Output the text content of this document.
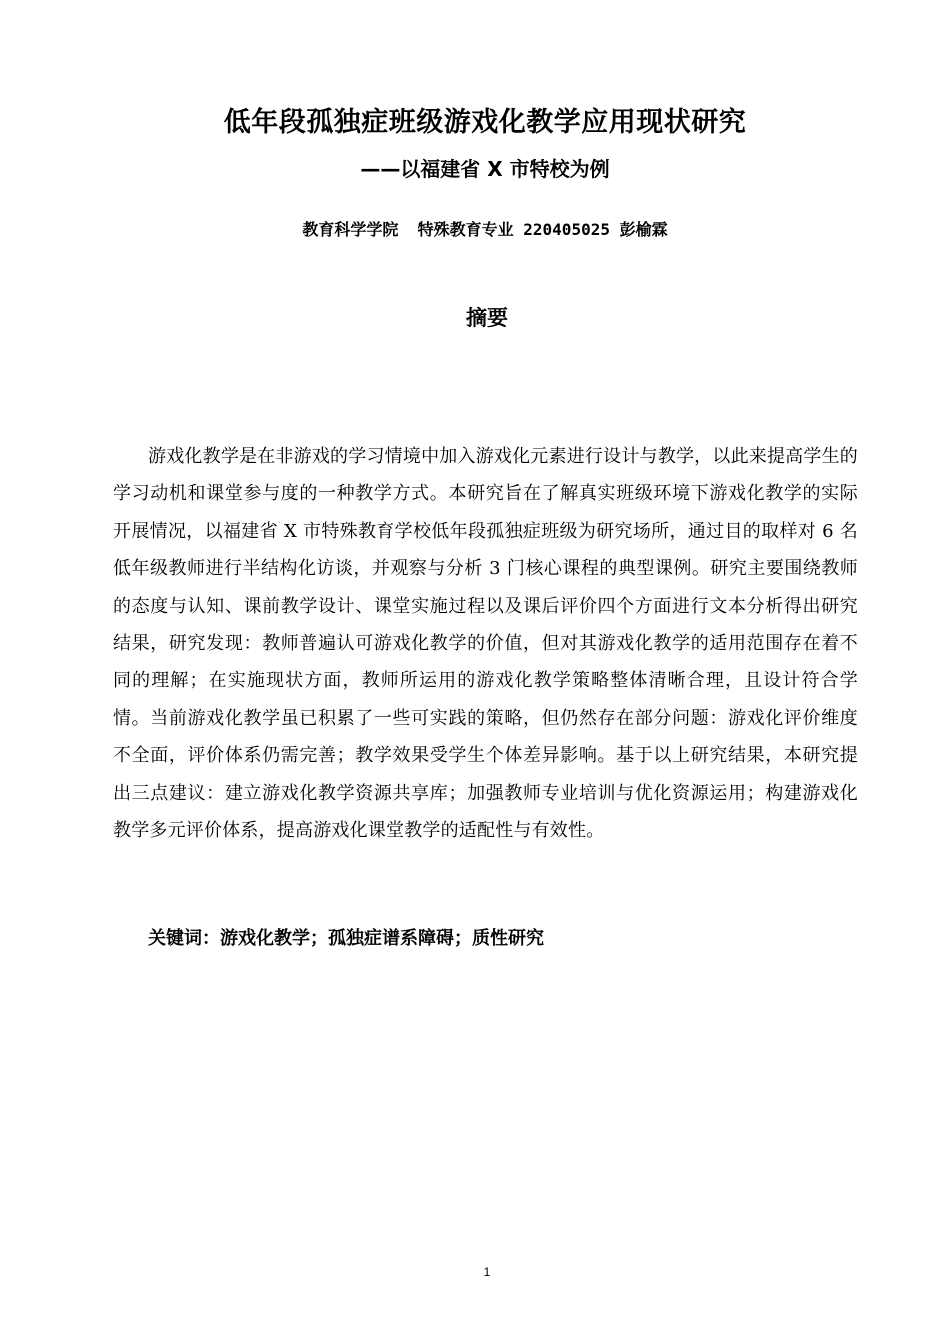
低年段孤独症班级游戏化教学应用现状研究
——以福建省 X 市特校为例
教育科学学院  特殊教育专业 220405025 彭榆霖
摘要

游戏化教学是在非游戏的学习情境中加入游戏化元素进行设计与教学，以此来提高学生的学习动机和课堂参与度的一种教学方式。本研究旨在了解真实班级环境下游戏化教学的实际开展情况，以福建省 X 市特殊教育学校低年段孤独症班级为研究场所，通过目的取样对 6 名低年级教师进行半结构化访谈，并观察与分析 3 门核心课程的典型课例。研究主要围绕教师的态度与认知、课前教学设计、课堂实施过程以及课后评价四个方面进行文本分析得出研究结果，研究发现：教师普遍认可游戏化教学的价值，但对其游戏化教学的适用范围存在着不同的理解；在实施现状方面，教师所运用的游戏化教学策略整体清晰合理，且设计符合学情。当前游戏化教学虽已积累了一些可实践的策略，但仍然存在部分问题：游戏化评价维度不全面，评价体系仍需完善；教学效果受学生个体差异影响。基于以上研究结果，本研究提出三点建议：建立游戏化教学资源共享库；加强教师专业培训与优化资源运用；构建游戏化教学多元评价体系，提高游戏化课堂教学的适配性与有效性。

关键词：游戏化教学；孤独症谱系障碍；质性研究
1
